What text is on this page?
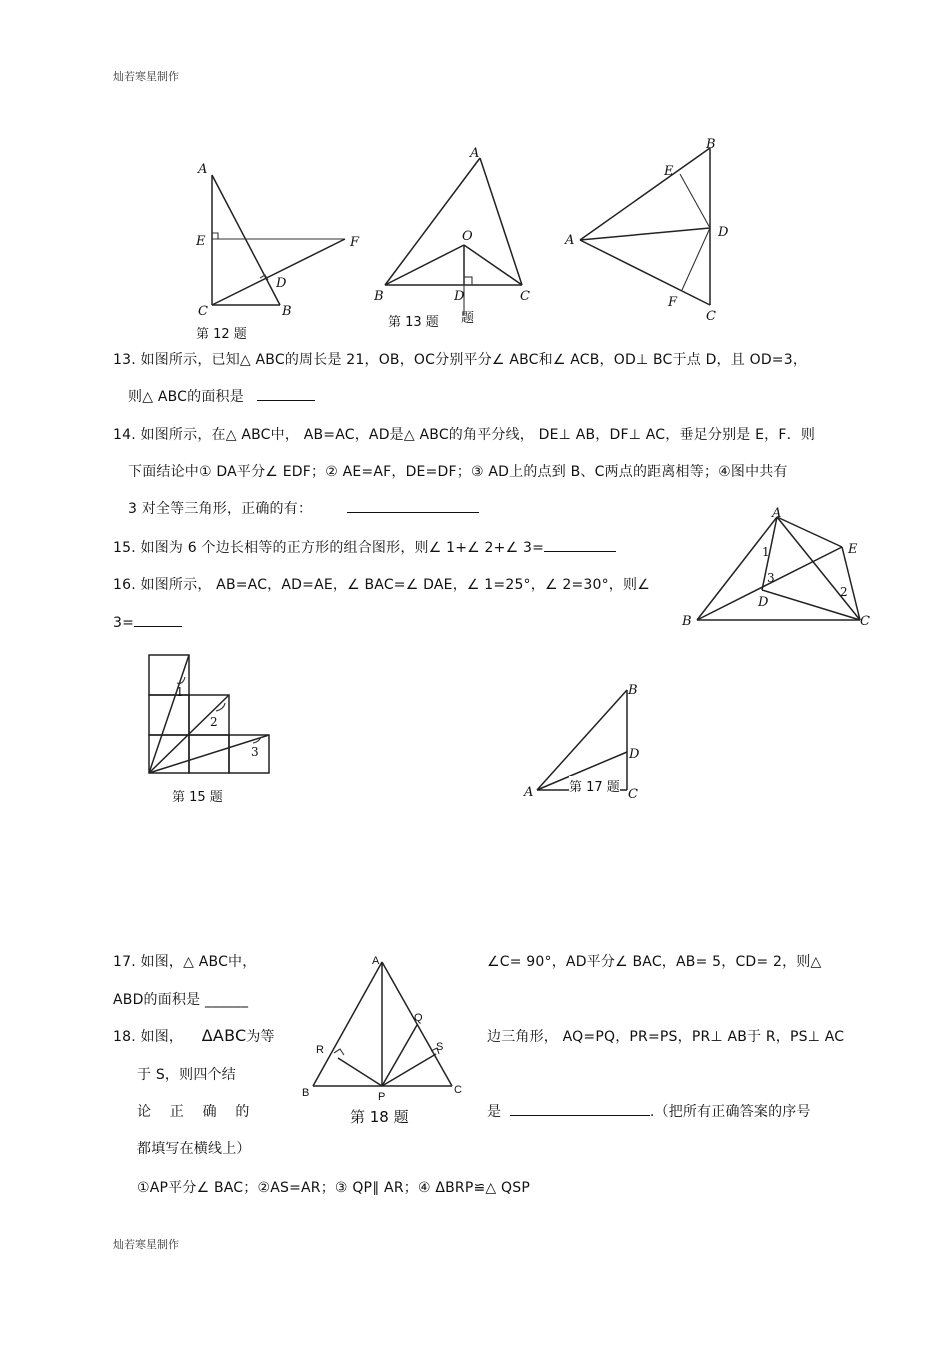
灿若寒星制作
A
E	F
D
C	B
第 12 题
A
O
B	D	C
第 13 题 题
B
E
D
A
F
C
13. 如图所示，已知△ ABC的周长是 21，OB，OC分别平分∠ ABC和∠ ACB，OD⊥ BC于点 D，且 OD=3，
则△ ABC的面积是
14. 如图所示，在△ ABC中， AB=AC，AD是△ ABC的角平分线， DE⊥ AB，DF⊥ AC，垂足分别是 E，F．则
下面结论中① DA平分∠ EDF；② AE=AF，DE=DF；③ AD上的点到 B、C两点的距离相等；④图中共有
3 对全等三角形，正确的有：	A
E
1
3
D
2
B	C
15. 如图为 6 个边长相等的正方形的组合图形，则∠ 1+∠ 2+∠ 3=
16. 如图所示， AB=AC，AD=AE，∠ BAC=∠ DAE，∠ 1=25°，∠ 2=30°，则∠
3=
1
2
3
第 15 题
B
D
A	C
第 17 题
17. 如图，△ ABC中，	∠C= 90°，AD平分∠ BAC，AB= 5，CD= 2，则△
ABD的面积是 ______
A
Q
R	S
B	P
C
第 18 题
18. 如图， ΔABC为等	边三角形， AQ=PQ，PR=PS，PR⊥ AB于 R，PS⊥ AC
于 S，则四个结
论    正    确    的	是	.（把所有正确答案的序号
都填写在横线上）
①AP平分∠ BAC；②AS=AR；③ QP∥ AR；④ ΔBRP≌△ QSP
灿若寒星制作
